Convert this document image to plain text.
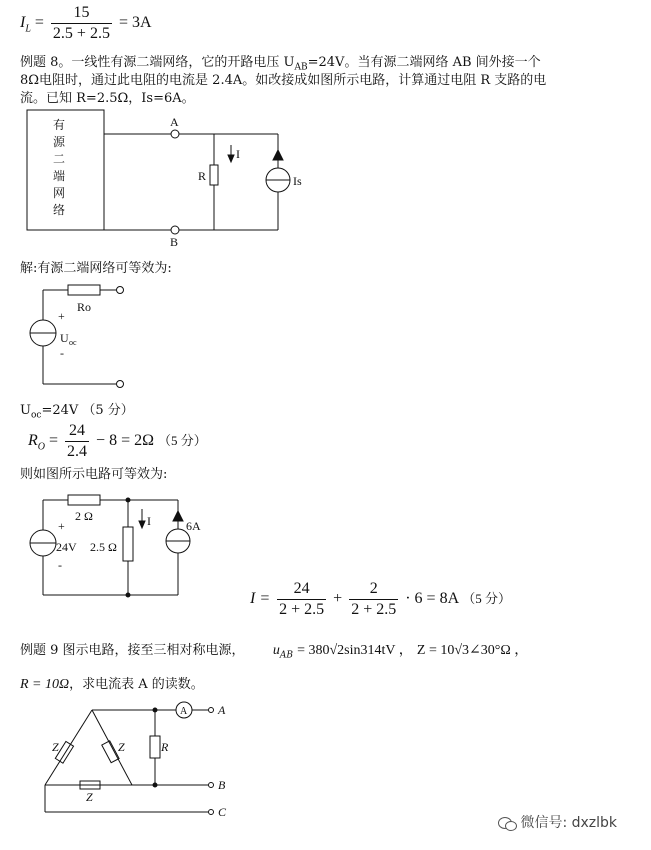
$I_L = \frac{15}{2.5 + 2.5} = 3A$
例题 8。一线性有源二端网络，它的开路电压 $U_{AB}=24V$。当有源二端网络 AB 间外接一个
8Ω电阻时，通过此电阻的电流是 2.4A。如改接成如图所示电路，计算通过电阻 R 支路的电
流。已知 R=2.5Ω，Is=6A。
有
源
二
端
网
络
A
B
R
I
Is
Ro
+
U oc
-
2 Ω
+
24V 2.5 Ω
-
I	6A
Z	Z
Z
R
A	A
B
C
解:有源二端网络可等效为:
$U_{oc}=24V$ （5 分）
$R_O = \frac{24}{2.4} - 8 = 2\Omega$ （5 分）
则如图所示电路可等效为:
$I = \frac{24}{2 + 2.5} + \frac{2}{2 + 2.5} \cdot 6 = 8A$ （5 分）
例题 9 图示电路，接至三相对称电源， $u_{AB} = 380√2\sin 314tV$ ， Z = 10√3∠30°Ω ，
R = 10Ω，求电流表 A 的读数。
微信号: dxzlbk
